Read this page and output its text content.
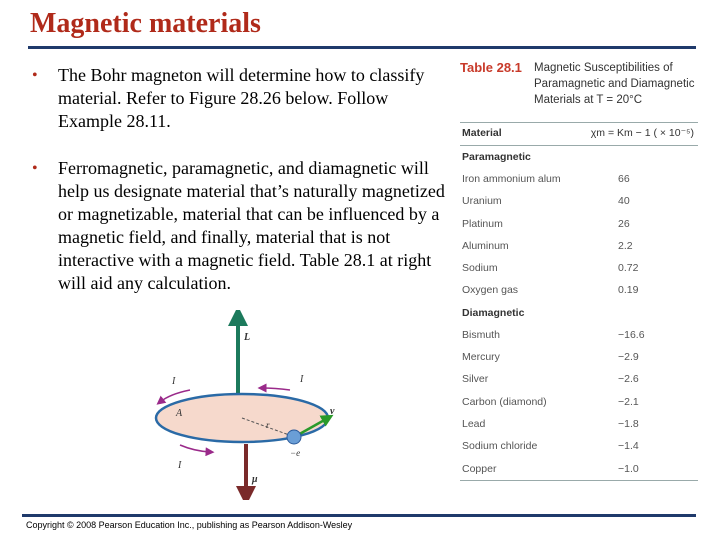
Magnetic materials
• The Bohr magneton will determine how to classify material. Refer to Figure 28.26 below. Follow Example 28.11.
• Ferromagnetic, paramagnetic, and diamagnetic will help us designate material that’s naturally magnetized or magnetizable, material that can be influenced by a magnetic field, and finally, material that is not interactive with a magnetic field. Table 28.1 at right will aid any calculation.
Table 28.1 Magnetic Susceptibilities of Paramagnetic and Diamagnetic Materials at T = 20°C
Material	χm = Km − 1 ( × 10⁻⁵)
Paramagnetic
Iron ammonium alum	66
Uranium	40
Platinum	26
Aluminum	2.2
Sodium	0.72
Oxygen gas	0.19
Diamagnetic
Bismuth	−16.6
Mercury	−2.9
Silver	−2.6
Carbon (diamond)	−2.1
Lead	−1.8
Sodium chloride	−1.4
Copper	−1.0
L
I	I
I
A
r
v
−e
μ
Copyright © 2008 Pearson Education Inc., publishing as Pearson Addison-Wesley
